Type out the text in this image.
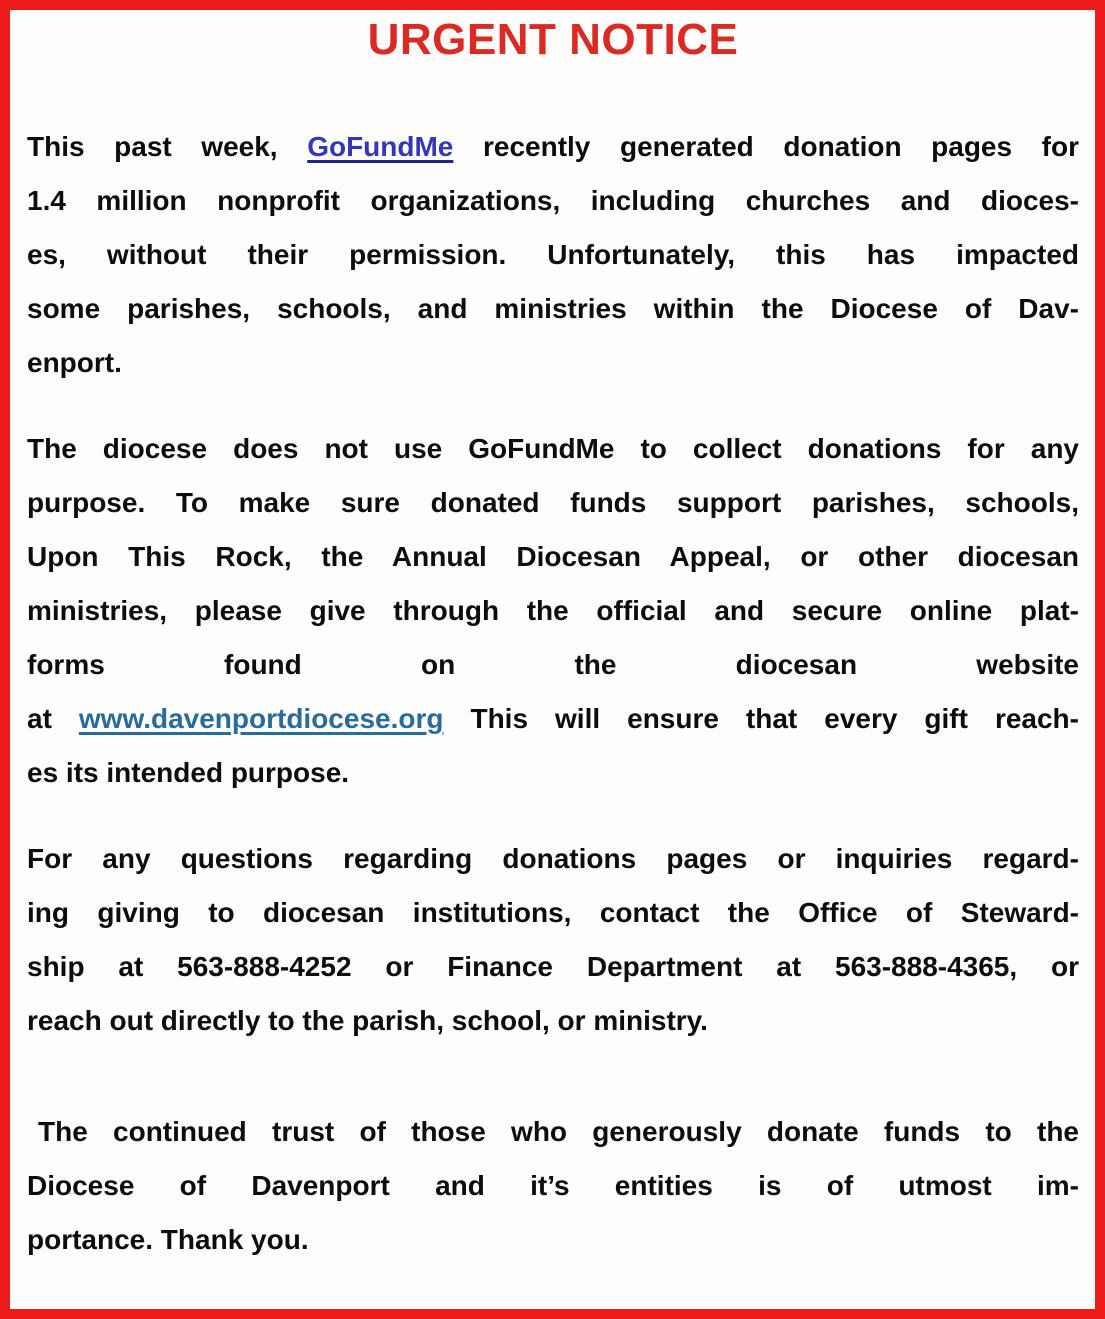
URGENT NOTICE
This past week, GoFundMe recently generated donation pages for
1.4 million nonprofit organizations, including churches and dioces-
es, without their permission. Unfortunately, this has impacted
some parishes, schools, and ministries within the Diocese of Dav-
enport.
The diocese does not use GoFundMe to collect donations for any
purpose. To make sure donated funds support parishes, schools,
Upon This Rock, the Annual Diocesan Appeal, or other diocesan
ministries, please give through the official and secure online plat-
forms found on the diocesan website
at www.davenportdiocese.org This will ensure that every gift reach-
es its intended purpose.
For any questions regarding donations pages or inquiries regard-
ing giving to diocesan institutions, contact the Office of Steward-
ship at 563-888-4252 or Finance Department at 563-888-4365, or
reach out directly to the parish, school, or ministry.
The continued trust of those who generously donate funds to the
Diocese of Davenport and it’s entities is of utmost im-
portance. Thank you.
